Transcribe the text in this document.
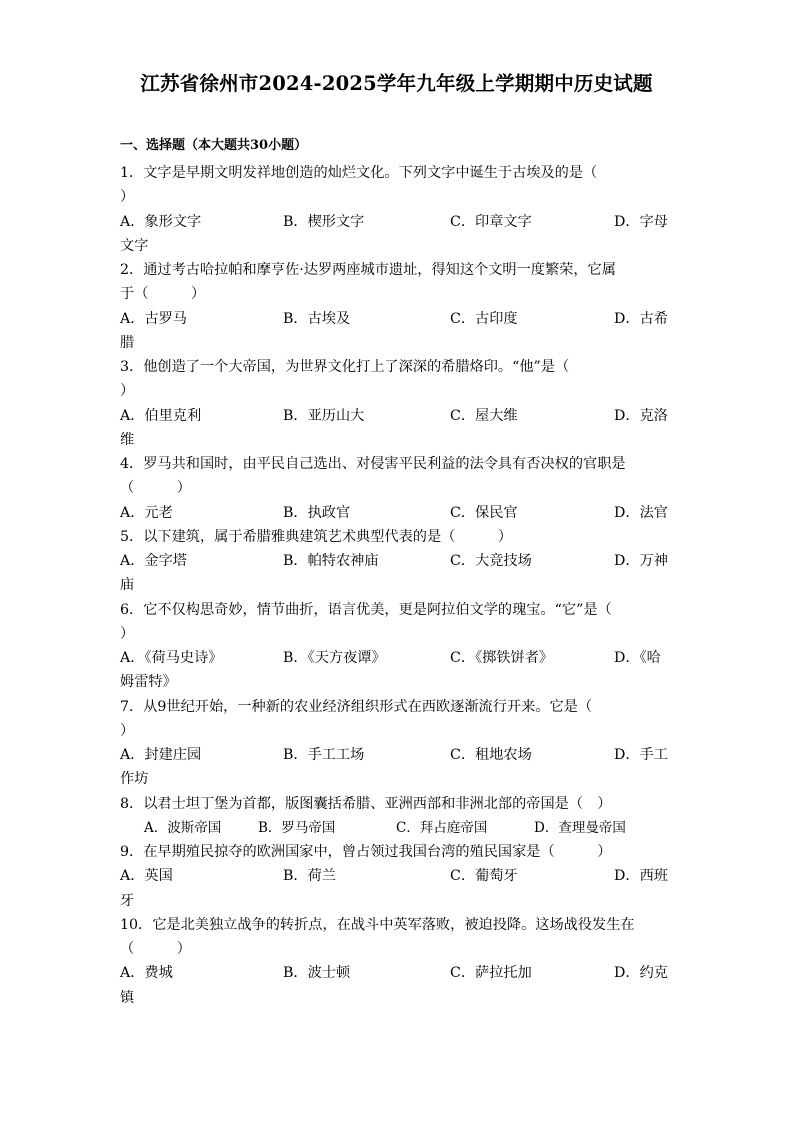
江苏省徐州市2024-2025学年九年级上学期期中历史试题
一、选择题（本大题共30小题）
1．文字是早期文明发祥地创造的灿烂文化。下列文字中诞生于古埃及的是（
）
A．象形文字	B．楔形文字	C．印章文字	D．字母
文字
2．通过考古哈拉帕和摩亨佐·达罗两座城市遗址，得知这个文明一度繁荣，它属
于（　　　）
A．古罗马	B．古埃及	C．古印度	D．古希
腊
3．他创造了一个大帝国，为世界文化打上了深深的希腊烙印。“他”是（
）
A．伯里克利	B．亚历山大	C．屋大维	D．克洛
维
4．罗马共和国时，由平民自己选出、对侵害平民利益的法令具有否决权的官职是
（　　　）
A．元老	B．执政官	C．保民官	D．法官
5．以下建筑，属于希腊雅典建筑艺术典型代表的是（　　　）
A．金字塔	B．帕特农神庙	C．大竞技场	D．万神
庙
6．它不仅构思奇妙，情节曲折，语言优美，更是阿拉伯文学的瑰宝。“它”是（
）
A．《荷马史诗》	B．《天方夜谭》	C．《掷铁饼者》	D．《哈
姆雷特》
7．从9世纪开始，一种新的农业经济组织形式在西欧逐渐流行开来。它是（
）
A．封建庄园	B．手工工场	C．租地农场	D．手工
作坊
8．以君士坦丁堡为首都，版图囊括希腊、亚洲西部和非洲北部的帝国是（　）
A．波斯帝国	B．罗马帝国	C．拜占庭帝国	D．查理曼帝国
9．在早期殖民掠夺的欧洲国家中，曾占领过我国台湾的殖民国家是（　　　）
A．英国	B．荷兰	C．葡萄牙	D．西班
牙
10．它是北美独立战争的转折点，在战斗中英军落败，被迫投降。这场战役发生在
（　　　）
A．费城	B．波士顿	C．萨拉托加	D．约克
镇
